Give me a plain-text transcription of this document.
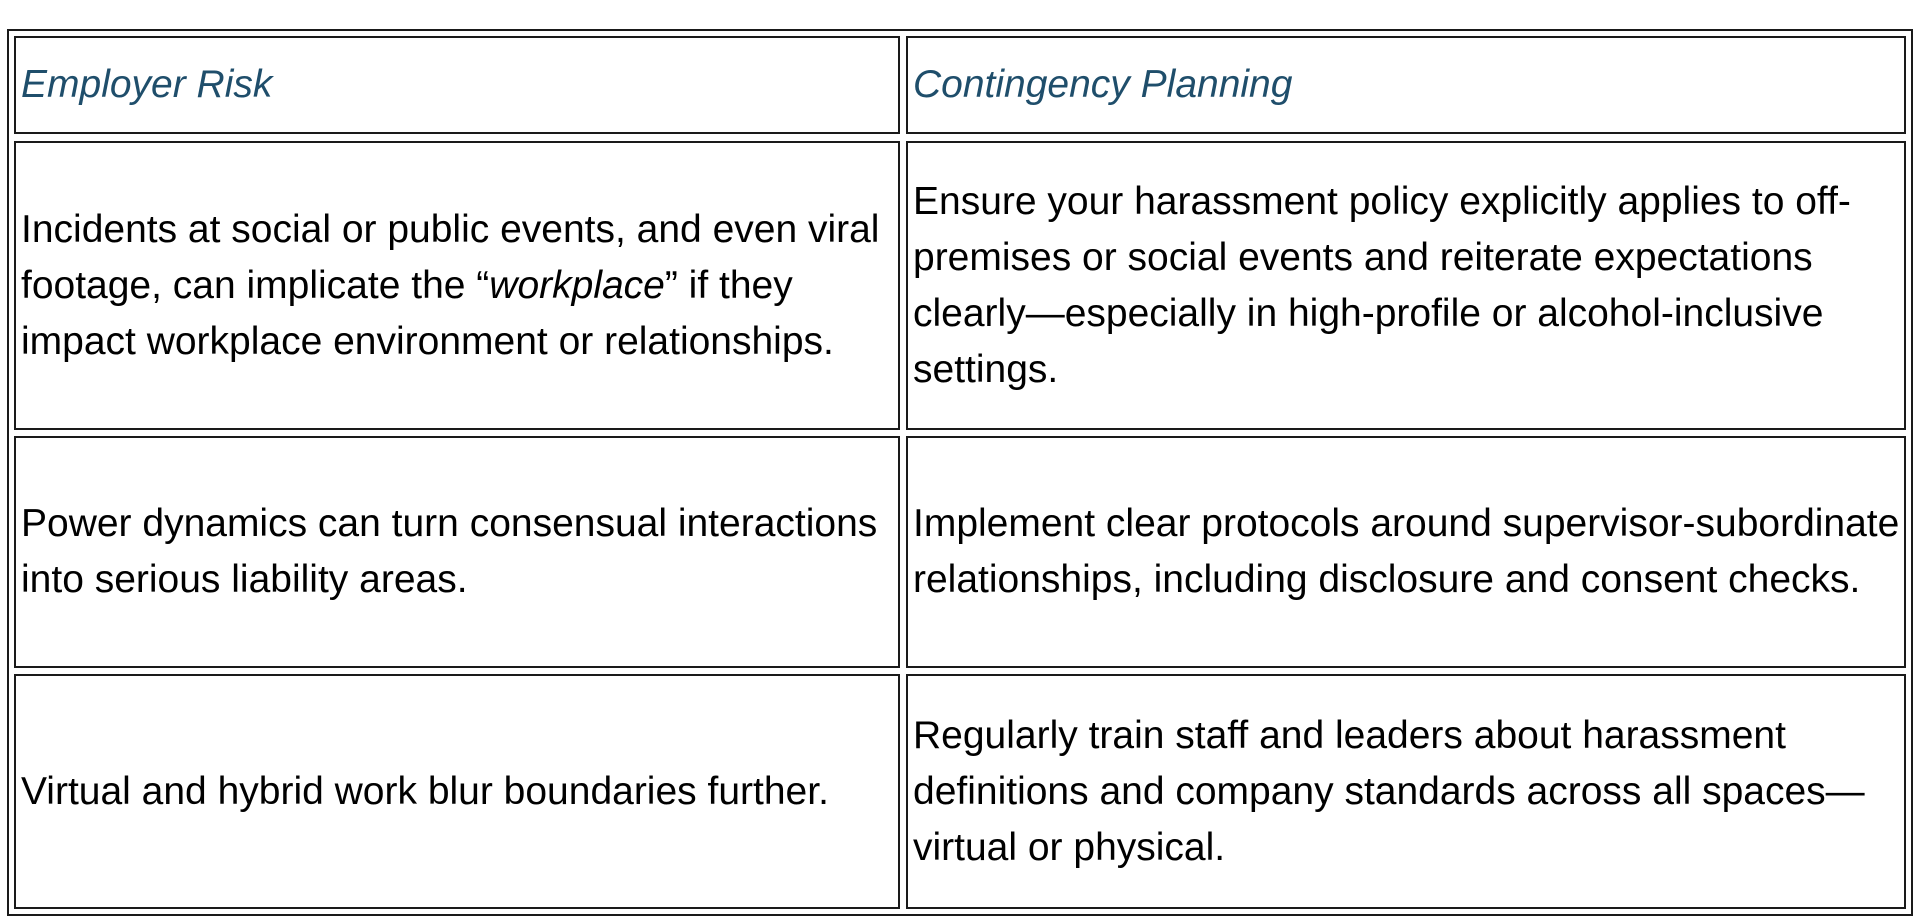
Employer Risk	Contingency Planning
Incidents at social or public events, and even viral footage, can implicate the “workplace” if they impact workplace environment or relationships.
Ensure your harassment policy explicitly applies to off-premises or social events and reiterate expectations clearly—especially in high-profile or alcohol-inclusive settings.
Power dynamics can turn consensual interactions into serious liability areas.
Implement clear protocols around supervisor-subordinate relationships, including disclosure and consent checks.
Virtual and hybrid work blur boundaries further.
Regularly train staff and leaders about harassment definitions and company standards across all spaces—virtual or physical.
